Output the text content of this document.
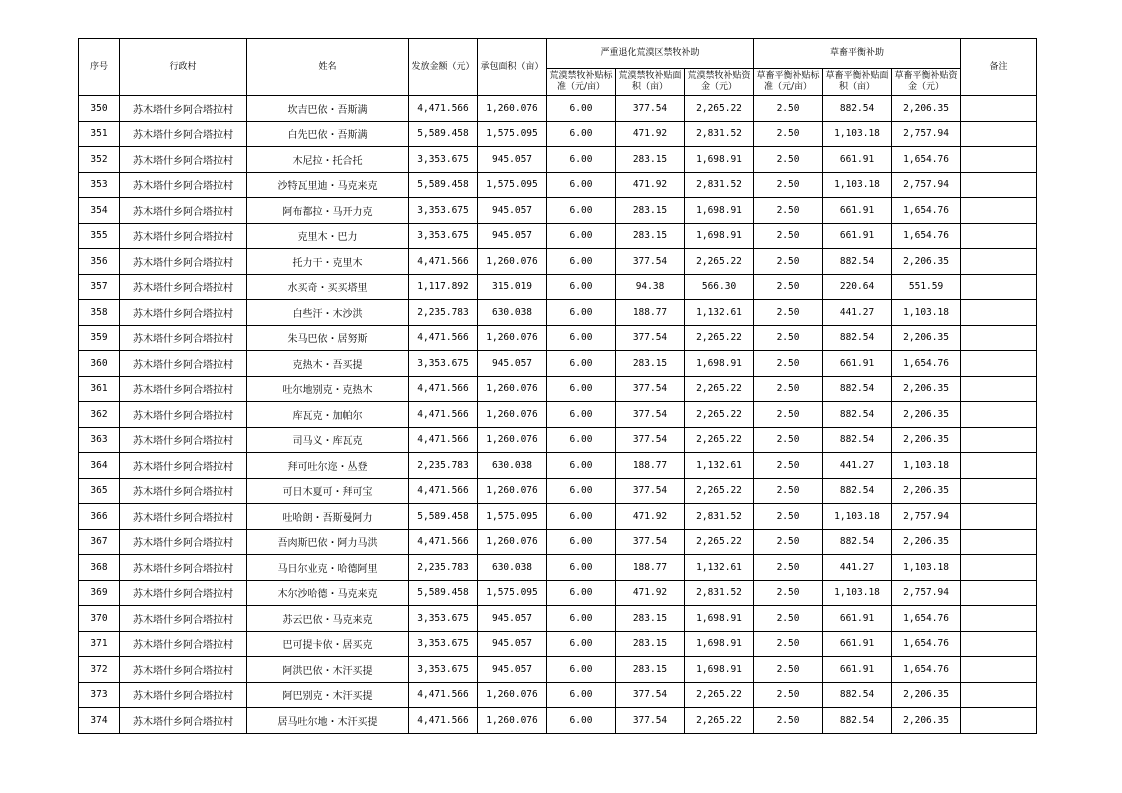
序号	行政村	姓名	发放金额（元）	承包面积（亩）	严重退化荒漠区禁牧补助			草畜平衡补助			备注
					荒漠禁牧补贴标准（元/亩）	荒漠禁牧补贴面积（亩）	荒漠禁牧补贴资金（元）	草畜平衡补贴标准（元/亩）	草畜平衡补贴面积（亩）	草畜平衡补贴资金（元）	
350	苏木塔什乡阿合塔拉村	坎吉巴依・吾斯满	4,471.566	1,260.076	6.00	377.54	2,265.22	2.50	882.54	2,206.35	
351	苏木塔什乡阿合塔拉村	白先巴依・吾斯满	5,589.458	1,575.095	6.00	471.92	2,831.52	2.50	1,103.18	2,757.94	
352	苏木塔什乡阿合塔拉村	木尼拉・托合托	3,353.675	945.057	6.00	283.15	1,698.91	2.50	661.91	1,654.76	
353	苏木塔什乡阿合塔拉村	沙特瓦里迪・马克来克	5,589.458	1,575.095	6.00	471.92	2,831.52	2.50	1,103.18	2,757.94	
354	苏木塔什乡阿合塔拉村	阿布都拉・马开力克	3,353.675	945.057	6.00	283.15	1,698.91	2.50	661.91	1,654.76	
355	苏木塔什乡阿合塔拉村	克里木・巴力	3,353.675	945.057	6.00	283.15	1,698.91	2.50	661.91	1,654.76	
356	苏木塔什乡阿合塔拉村	托力干・克里木	4,471.566	1,260.076	6.00	377.54	2,265.22	2.50	882.54	2,206.35	
357	苏木塔什乡阿合塔拉村	水买奇・买买塔里	1,117.892	315.019	6.00	94.38	566.30	2.50	220.64	551.59	
358	苏木塔什乡阿合塔拉村	白些汗・木沙洪	2,235.783	630.038	6.00	188.77	1,132.61	2.50	441.27	1,103.18	
359	苏木塔什乡阿合塔拉村	朱马巴依・居努斯	4,471.566	1,260.076	6.00	377.54	2,265.22	2.50	882.54	2,206.35	
360	苏木塔什乡阿合塔拉村	克热木・吾买提	3,353.675	945.057	6.00	283.15	1,698.91	2.50	661.91	1,654.76	
361	苏木塔什乡阿合塔拉村	吐尔地别克・克热木	4,471.566	1,260.076	6.00	377.54	2,265.22	2.50	882.54	2,206.35	
362	苏木塔什乡阿合塔拉村	库瓦克・加帕尔	4,471.566	1,260.076	6.00	377.54	2,265.22	2.50	882.54	2,206.35	
363	苏木塔什乡阿合塔拉村	司马义・库瓦克	4,471.566	1,260.076	6.00	377.54	2,265.22	2.50	882.54	2,206.35	
364	苏木塔什乡阿合塔拉村	拜可吐尔迩・丛登	2,235.783	630.038	6.00	188.77	1,132.61	2.50	441.27	1,103.18	
365	苏木塔什乡阿合塔拉村	可日木夏可・拜可宝	4,471.566	1,260.076	6.00	377.54	2,265.22	2.50	882.54	2,206.35	
366	苏木塔什乡阿合塔拉村	吐哈朗・吾斯曼阿力	5,589.458	1,575.095	6.00	471.92	2,831.52	2.50	1,103.18	2,757.94	
367	苏木塔什乡阿合塔拉村	吾肉斯巴依・阿力马洪	4,471.566	1,260.076	6.00	377.54	2,265.22	2.50	882.54	2,206.35	
368	苏木塔什乡阿合塔拉村	马日尔业克・哈德阿里	2,235.783	630.038	6.00	188.77	1,132.61	2.50	441.27	1,103.18	
369	苏木塔什乡阿合塔拉村	木尔沙哈德・马克来克	5,589.458	1,575.095	6.00	471.92	2,831.52	2.50	1,103.18	2,757.94	
370	苏木塔什乡阿合塔拉村	苏云巴依・马克来克	3,353.675	945.057	6.00	283.15	1,698.91	2.50	661.91	1,654.76	
371	苏木塔什乡阿合塔拉村	巴可提卡依・居买克	3,353.675	945.057	6.00	283.15	1,698.91	2.50	661.91	1,654.76	
372	苏木塔什乡阿合塔拉村	阿洪巴依・木汗买提	3,353.675	945.057	6.00	283.15	1,698.91	2.50	661.91	1,654.76	
373	苏木塔什乡阿合塔拉村	阿巴别克・木汗买提	4,471.566	1,260.076	6.00	377.54	2,265.22	2.50	882.54	2,206.35	
374	苏木塔什乡阿合塔拉村	居马吐尔地・木汗买提	4,471.566	1,260.076	6.00	377.54	2,265.22	2.50	882.54	2,206.35	
